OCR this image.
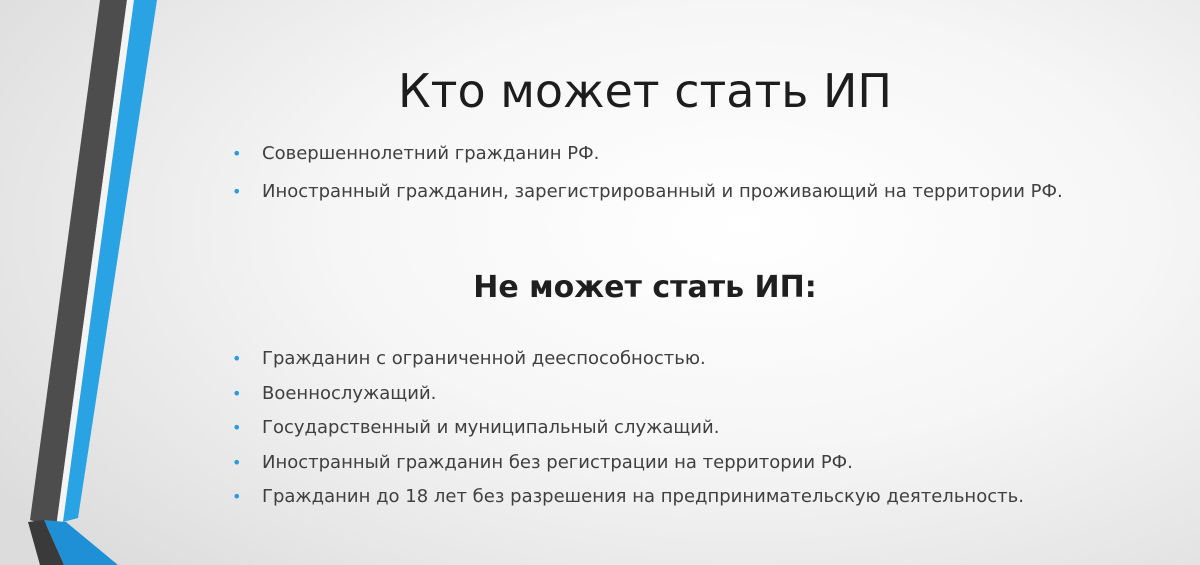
Кто может стать ИП
• Совершеннолетний гражданин РФ.
• Иностранный гражданин, зарегистрированный и проживающий на территории РФ.
Не может стать ИП:
• Гражданин с ограниченной дееспособностью.
• Военнослужащий.
• Государственный и муниципальный служащий.
• Иностранный гражданин без регистрации на территории РФ.
• Гражданин до 18 лет без разрешения на предпринимательскую деятельность.
